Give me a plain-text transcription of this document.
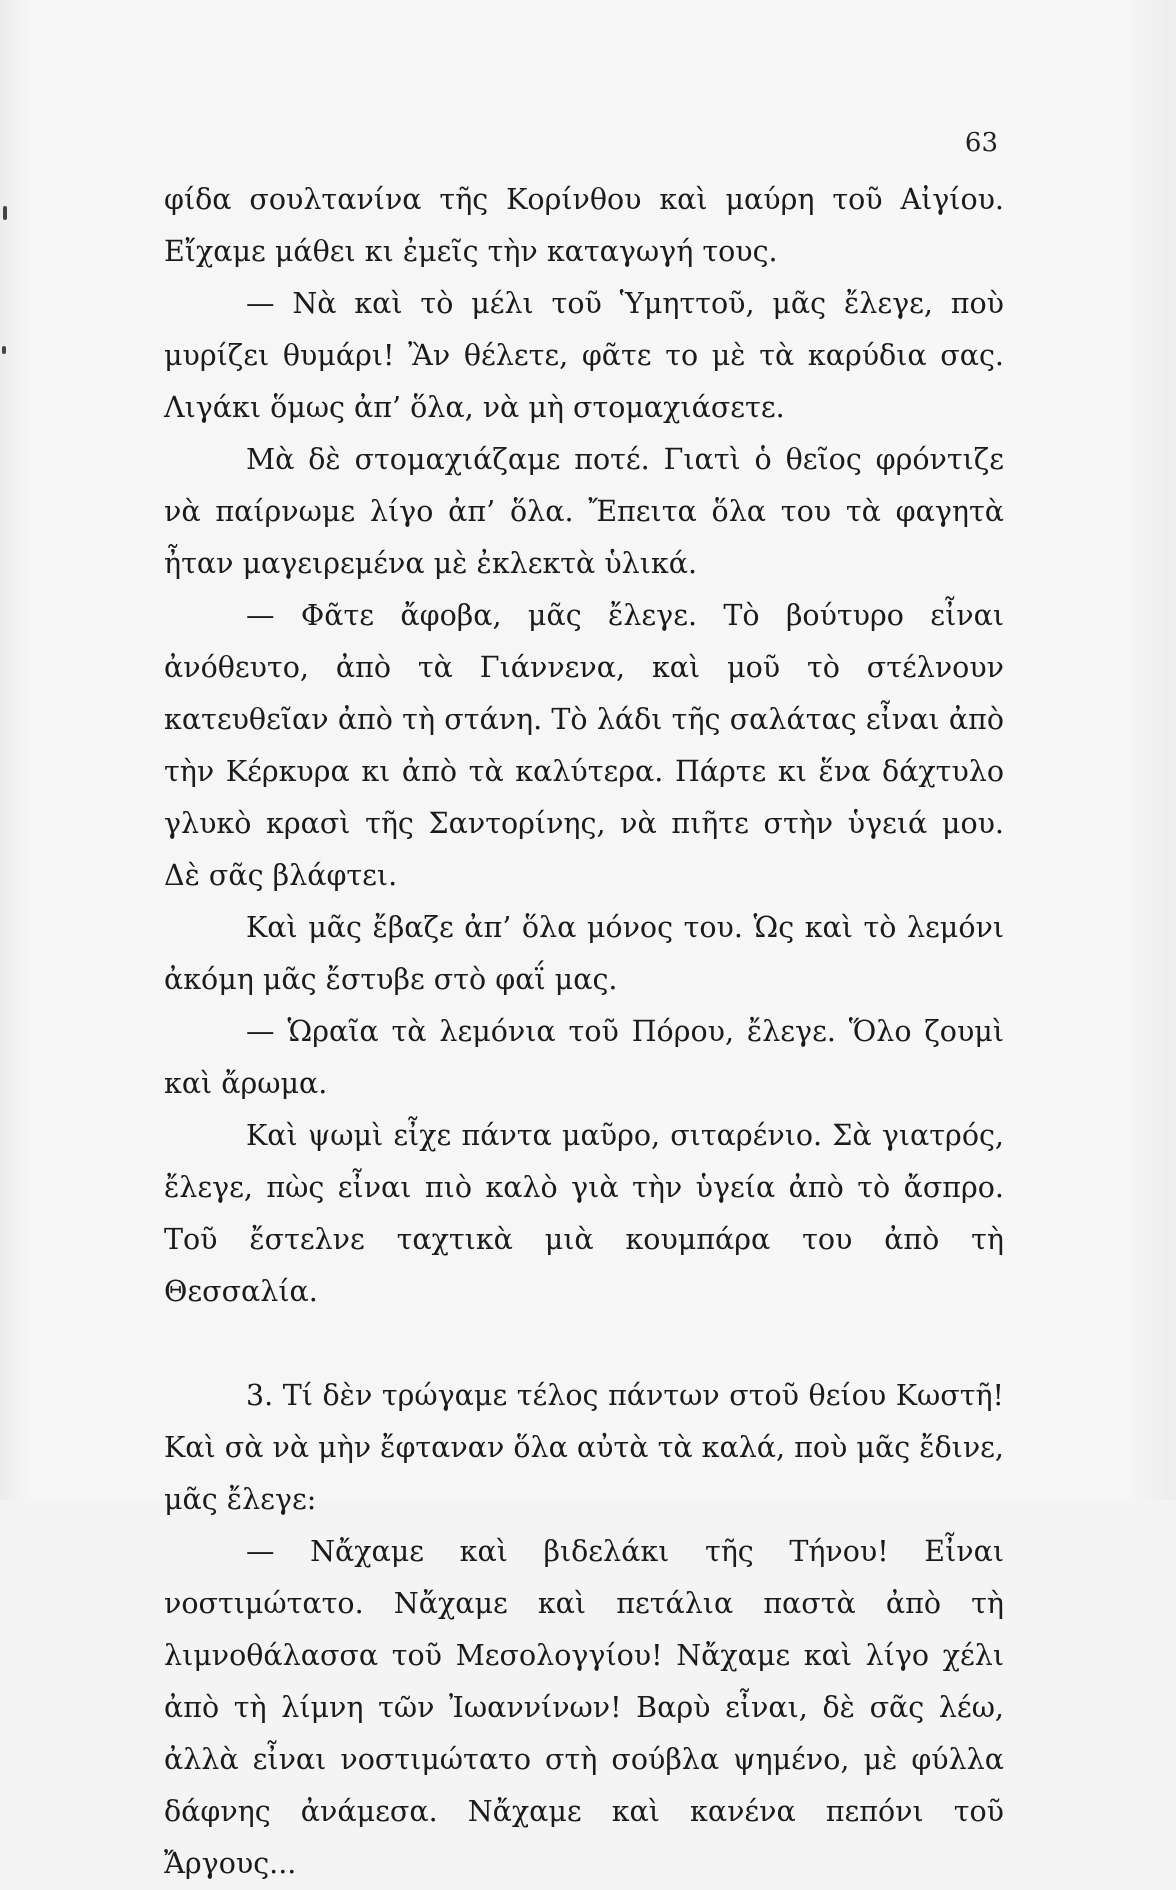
63

φίδα σουλτανίνα τῆς Κορίνθου καὶ μαύρη τοῦ Αἰγίου. Εἴχαμε μάθει κι ἐμεῖς τὴν καταγωγή τους.

— Νὰ καὶ τὸ μέλι τοῦ Ὑμηττοῦ, μᾶς ἔλεγε, ποὺ μυρίζει θυμάρι! Ἂν θέλετε, φᾶτε το μὲ τὰ καρύδια σας. Λιγάκι ὅμως ἀπ’ ὅλα, νὰ μὴ στομαχιάσετε.

Μὰ δὲ στομαχιάζαμε ποτέ. Γιατὶ ὁ θεῖος φρόντιζε νὰ παίρνωμε λίγο ἀπ’ ὅλα. Ἔπειτα ὅλα του τὰ φαγητὰ ἦταν μαγειρεμένα μὲ ἐκλεκτὰ ὑλικά.

— Φᾶτε ἄφοβα, μᾶς ἔλεγε. Τὸ βούτυρο εἶναι ἀνόθευτο, ἀπὸ τὰ Γιάννενα, καὶ μοῦ τὸ στέλνουν κατευθεῖαν ἀπὸ τὴ στάνη. Τὸ λάδι τῆς σαλάτας εἶναι ἀπὸ τὴν Κέρκυρα κι ἀπὸ τὰ καλύτερα. Πάρτε κι ἕνα δάχτυλο γλυκὸ κρασὶ τῆς Σαντορίνης, νὰ πιῆτε στὴν ὑγειά μου. Δὲ σᾶς βλάφτει.

Καὶ μᾶς ἔβαζε ἀπ’ ὅλα μόνος του. Ὡς καὶ τὸ λεμόνι ἀκόμη μᾶς ἔστυβε στὸ φαΐ μας.

— Ὡραῖα τὰ λεμόνια τοῦ Πόρου, ἔλεγε. Ὅλο ζουμὶ καὶ ἄρωμα.

Καὶ ψωμὶ εἶχε πάντα μαῦρο, σιταρένιο. Σὰ γιατρός, ἔλεγε, πὼς εἶναι πιὸ καλὸ γιὰ τὴν ὑγεία ἀπὸ τὸ ἄσπρο. Τοῦ ἔστελνε ταχτικὰ μιὰ κουμπάρα του ἀπὸ τὴ Θεσσαλία.

3. Τί δὲν τρώγαμε τέλος πάντων στοῦ θείου Κωστῆ! Καὶ σὰ νὰ μὴν ἔφταναν ὅλα αὐτὰ τὰ καλά, ποὺ μᾶς ἔδινε, μᾶς ἔλεγε:

— Νἄχαμε καὶ βιδελάκι τῆς Τήνου! Εἶναι νοστιμώτατο. Νἄχαμε καὶ πετάλια παστὰ ἀπὸ τὴ λιμνοθάλασσα τοῦ Μεσολογγίου! Νἄχαμε καὶ λίγο χέλι ἀπὸ τὴ λίμνη τῶν Ἰωαννίνων! Βαρὺ εἶναι, δὲ σᾶς λέω, ἀλλὰ εἶναι νοστιμώτατο στὴ σούβλα ψημένο, μὲ φύλλα δάφνης ἀνάμεσα. Νἄχαμε καὶ κανένα πεπόνι τοῦ Ἄργους...
